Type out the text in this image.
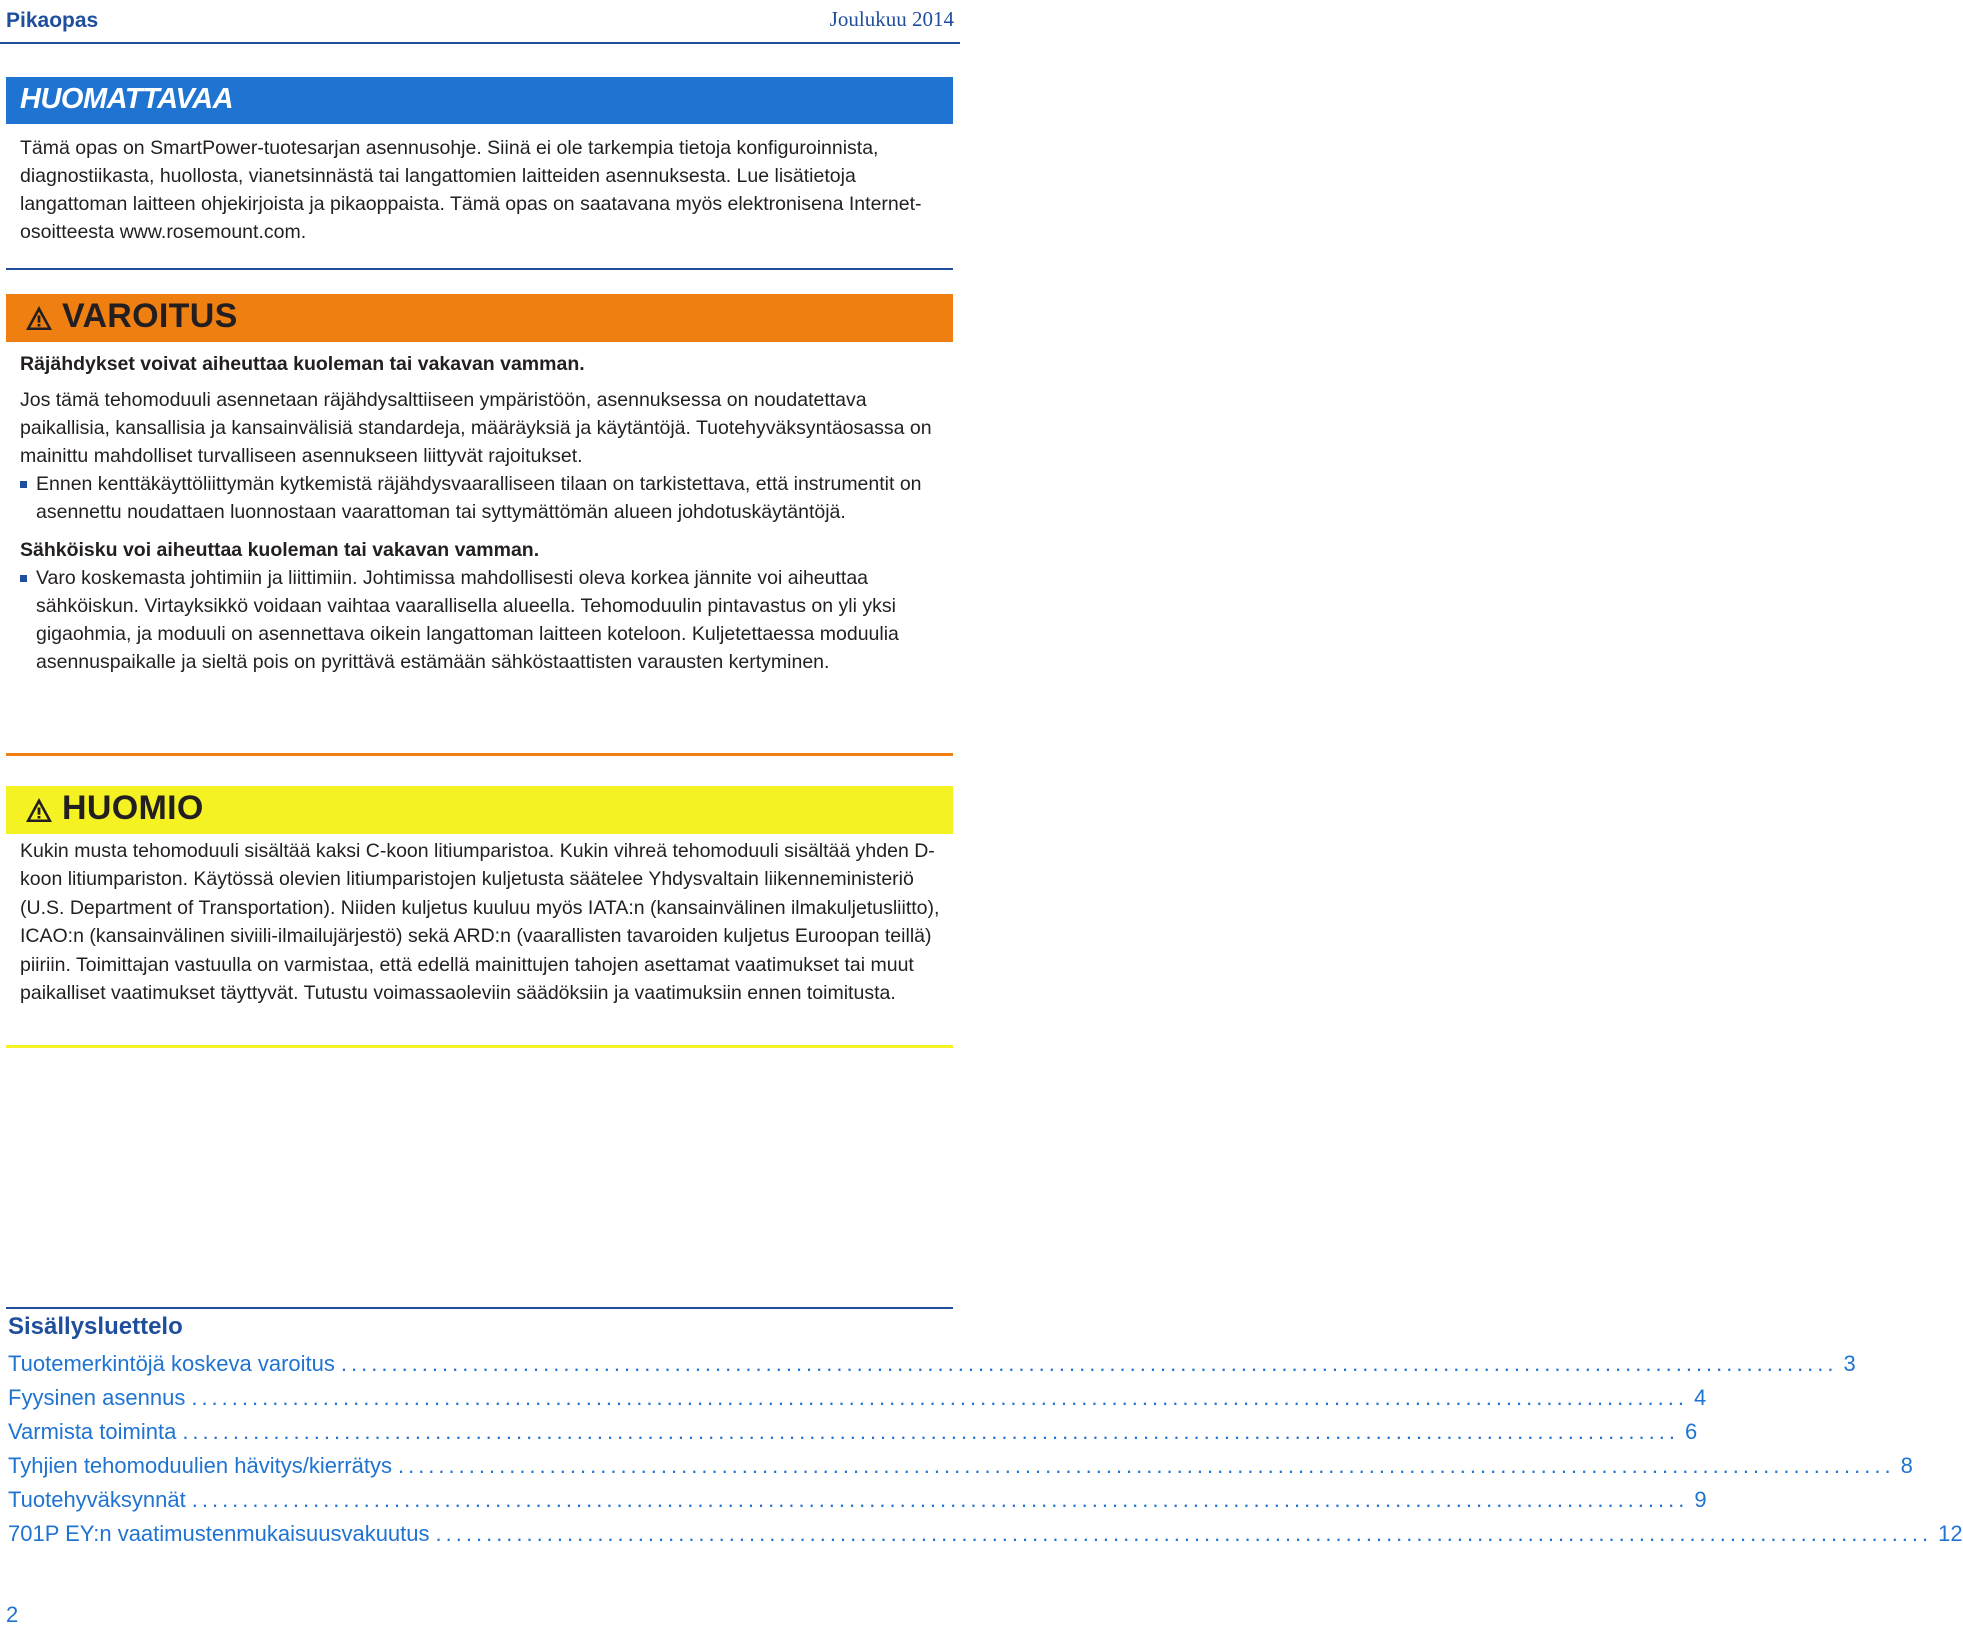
Pikaopas	Joulukuu 2014
HUOMATTAVAA
Tämä opas on SmartPower-tuotesarjan asennusohje. Siinä ei ole tarkempia tietoja konfiguroinnista, diagnostiikasta, huollosta, vianetsinnästä tai langattomien laitteiden asennuksesta. Lue lisätietoja langattoman laitteen ohjekirjoista ja pikaoppaista. Tämä opas on saatavana myös elektronisena Internet-osoitteesta www.rosemount.com.
VAROITUS

Räjähdykset voivat aiheuttaa kuoleman tai vakavan vamman.

Jos tämä tehomoduuli asennetaan räjähdysalttiiseen ympäristöön, asennuksessa on noudatettava paikallisia, kansallisia ja kansainvälisiä standardeja, määräyksiä ja käytäntöjä. Tuotehyväksyntäosassa on mainittu mahdolliset turvalliseen asennukseen liittyvät rajoitukset.

Ennen kenttäkäyttöliittymän kytkemistä räjähdysvaaralliseen tilaan on tarkistettava, että instrumentit on asennettu noudattaen luonnostaan vaarattoman tai syttymättömän alueen johdotuskäytäntöjä.

Sähköisku voi aiheuttaa kuoleman tai vakavan vamman.

Varo koskemasta johtimiin ja liittimiin. Johtimissa mahdollisesti oleva korkea jännite voi aiheuttaa sähköiskun. Virtayksikkö voidaan vaihtaa vaarallisella alueella. Tehomoduulin pintavastus on yli yksi gigaohmia, ja moduuli on asennettava oikein langattoman laitteen koteloon. Kuljetettaessa moduulia asennuspaikalle ja sieltä pois on pyrittävä estämään sähköstaattisten varausten kertyminen.

HUOMIO
Kukin musta tehomoduuli sisältää kaksi C-koon litiumparistoa. Kukin vihreä tehomoduuli sisältää yhden D-koon litiumpariston. Käytössä olevien litiumparistojen kuljetusta säätelee Yhdysvaltain liikenneministeriö (U.S. Department of Transportation). Niiden kuljetus kuuluu myös IATA:n (kansainvälinen ilmakuljetusliitto), ICAO:n (kansainvälinen siviili-ilmailujärjestö) sekä ARD:n (vaarallisten tavaroiden kuljetus Euroopan teillä) piiriin. Toimittajan vastuulla on varmistaa, että edellä mainittujen tahojen asettamat vaatimukset tai muut paikalliset vaatimukset täyttyvät. Tutustu voimassaoleviin säädöksiin ja vaatimuksiin ennen toimitusta.
Sisällysluettelo
Tuotemerkintöjä koskeva varoitus .................................................................................................................................................... 3
Fyysinen asennus .................................................................................................................................................... 4
Varmista toiminta .................................................................................................................................................... 6
Tyhjien tehomoduulien hävitys/kierrätys .................................................................................................................................................... 8
Tuotehyväksynnät .................................................................................................................................................... 9
701P EY:n vaatimustenmukaisuusvakuutus .................................................................................................................................................... 12
2
